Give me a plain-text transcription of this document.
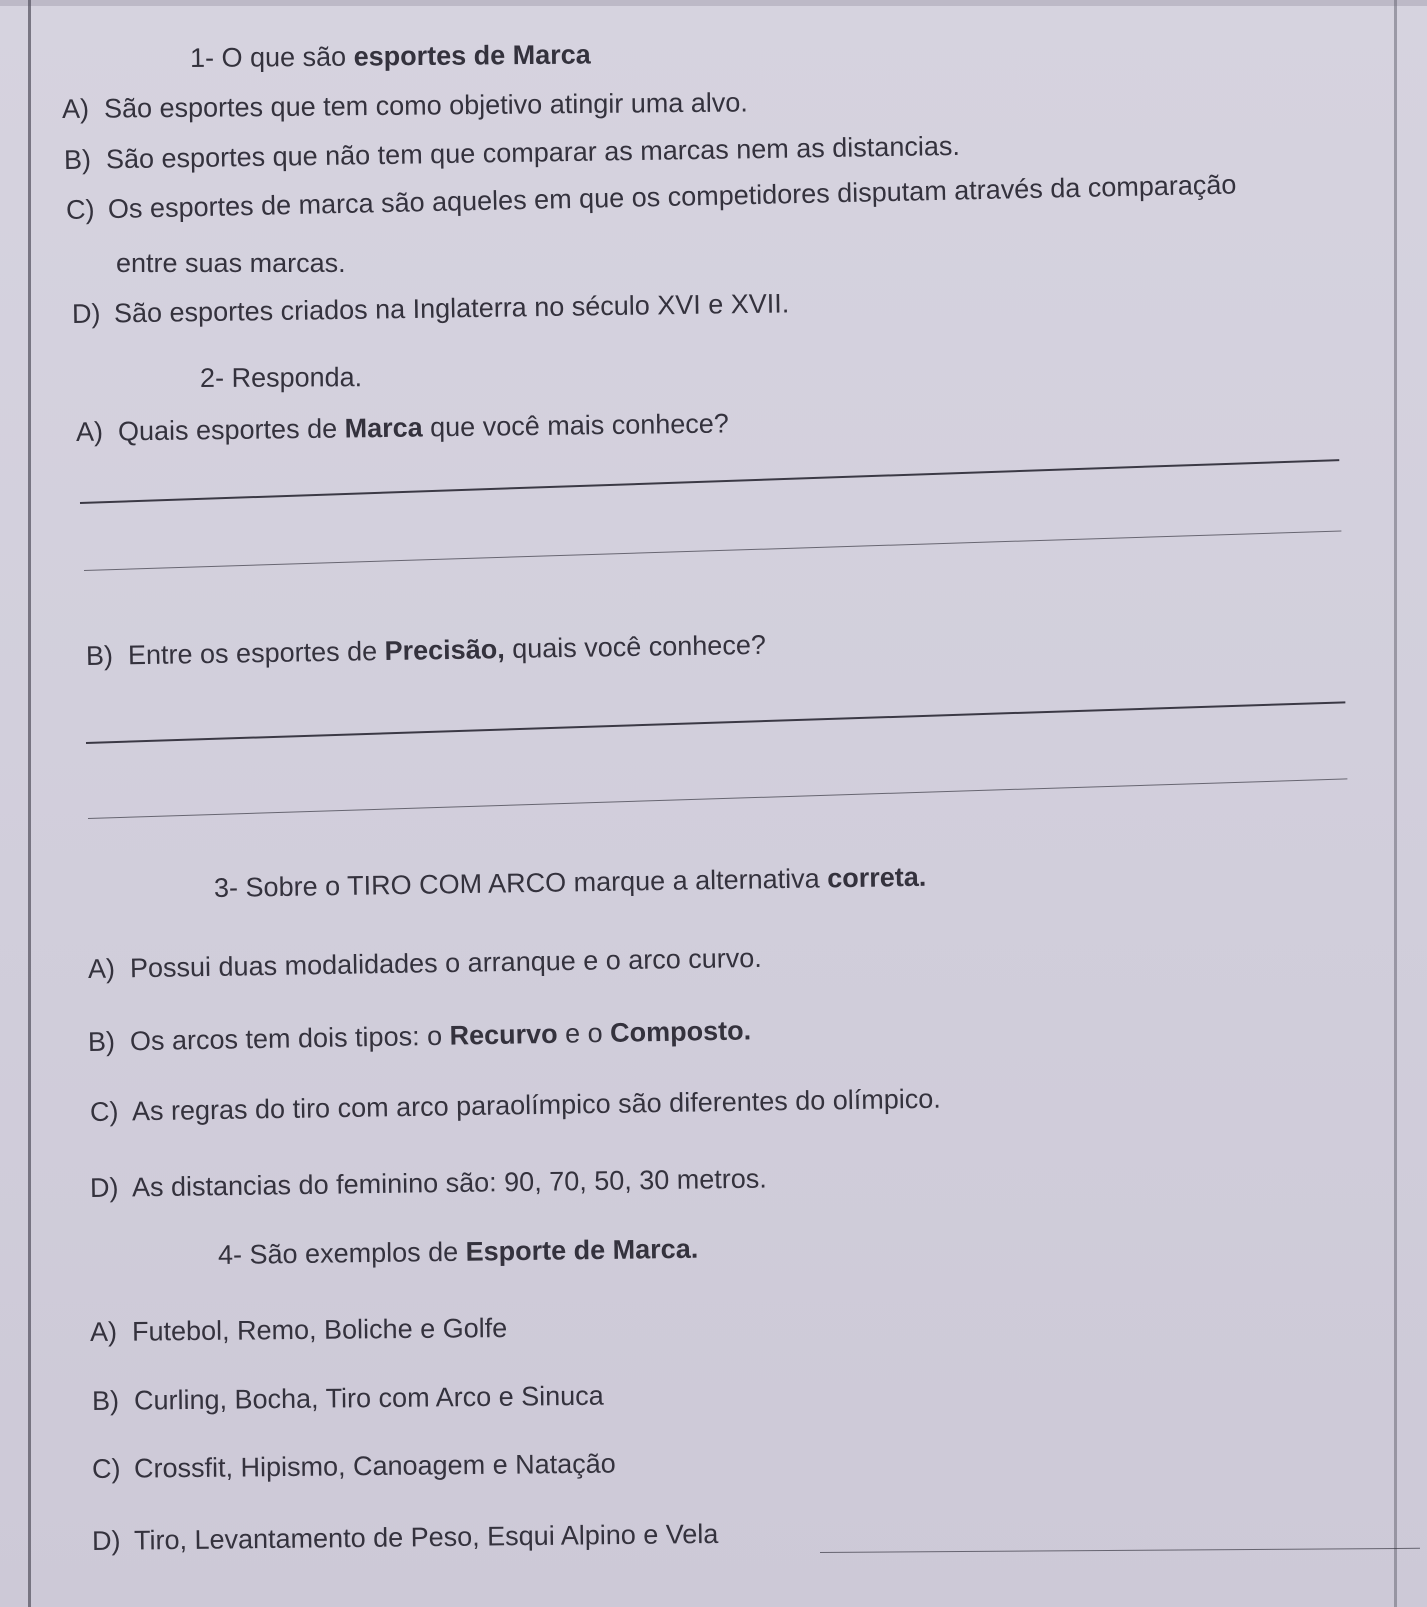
1- O que são esportes de Marca
A) São esportes que tem como objetivo atingir uma alvo.
B) São esportes que não tem que comparar as marcas nem as distancias.
C) Os esportes de marca são aqueles em que os competidores disputam através da comparação
entre suas marcas.
D) São esportes criados na Inglaterra no século XVI e XVII.
2- Responda.
A) Quais esportes de Marca que você mais conhece?
B) Entre os esportes de Precisão, quais você conhece?
3- Sobre o TIRO COM ARCO marque a alternativa correta.
A) Possui duas modalidades o arranque e o arco curvo.
B) Os arcos tem dois tipos: o Recurvo e o Composto.
C) As regras do tiro com arco paraolímpico são diferentes do olímpico.
D) As distancias do feminino são: 90, 70, 50, 30 metros.
4- São exemplos de Esporte de Marca.
A) Futebol, Remo, Boliche e Golfe
B) Curling, Bocha, Tiro com Arco e Sinuca
C) Crossfit, Hipismo, Canoagem e Natação
D) Tiro, Levantamento de Peso, Esqui Alpino e Vela
